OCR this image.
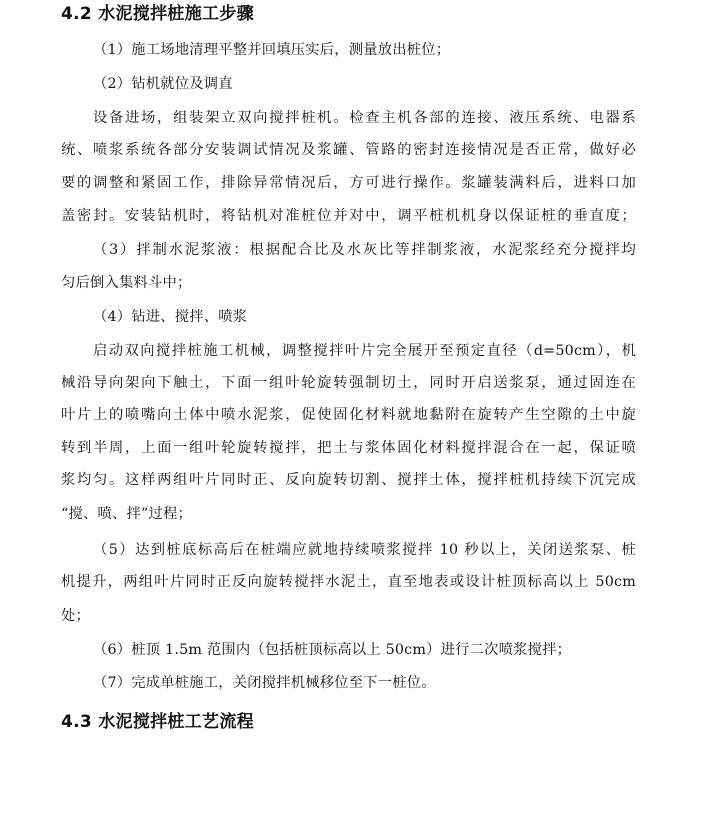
4.2 水泥搅拌桩施工步骤
（1）施工场地清理平整并回填压实后，测量放出桩位；
（2）钻机就位及调直
设备进场，组装架立双向搅拌桩机。检查主机各部的连接、液压系统、电器系
统、喷浆系统各部分安装调试情况及浆罐、管路的密封连接情况是否正常，做好必
要的调整和紧固工作，排除异常情况后，方可进行操作。浆罐装满料后，进料口加
盖密封。安装钻机时，将钻机对准桩位并对中，调平桩机机身以保证桩的垂直度；
（3）拌制水泥浆液：根据配合比及水灰比等拌制浆液，水泥浆经充分搅拌均
匀后倒入集料斗中；
（4）钻进、搅拌、喷浆
启动双向搅拌桩施工机械，调整搅拌叶片完全展开至预定直径（d=50cm），机
械沿导向架向下触土，下面一组叶轮旋转强制切土，同时开启送浆泵，通过固连在
叶片上的喷嘴向土体中喷水泥浆，促使固化材料就地黏附在旋转产生空隙的土中旋
转到半周，上面一组叶轮旋转搅拌，把土与浆体固化材料搅拌混合在一起，保证喷
浆均匀。这样两组叶片同时正、反向旋转切割、搅拌土体，搅拌桩机持续下沉完成
“搅、喷、拌”过程；
（5）达到桩底标高后在桩端应就地持续喷浆搅拌 10 秒以上，关闭送浆泵、桩
机提升，两组叶片同时正反向旋转搅拌水泥土，直至地表或设计桩顶标高以上 50cm
处；
（6）桩顶 1.5m 范围内（包括桩顶标高以上 50cm）进行二次喷浆搅拌；
（7）完成单桩施工，关闭搅拌机械移位至下一桩位。
4.3 水泥搅拌桩工艺流程
